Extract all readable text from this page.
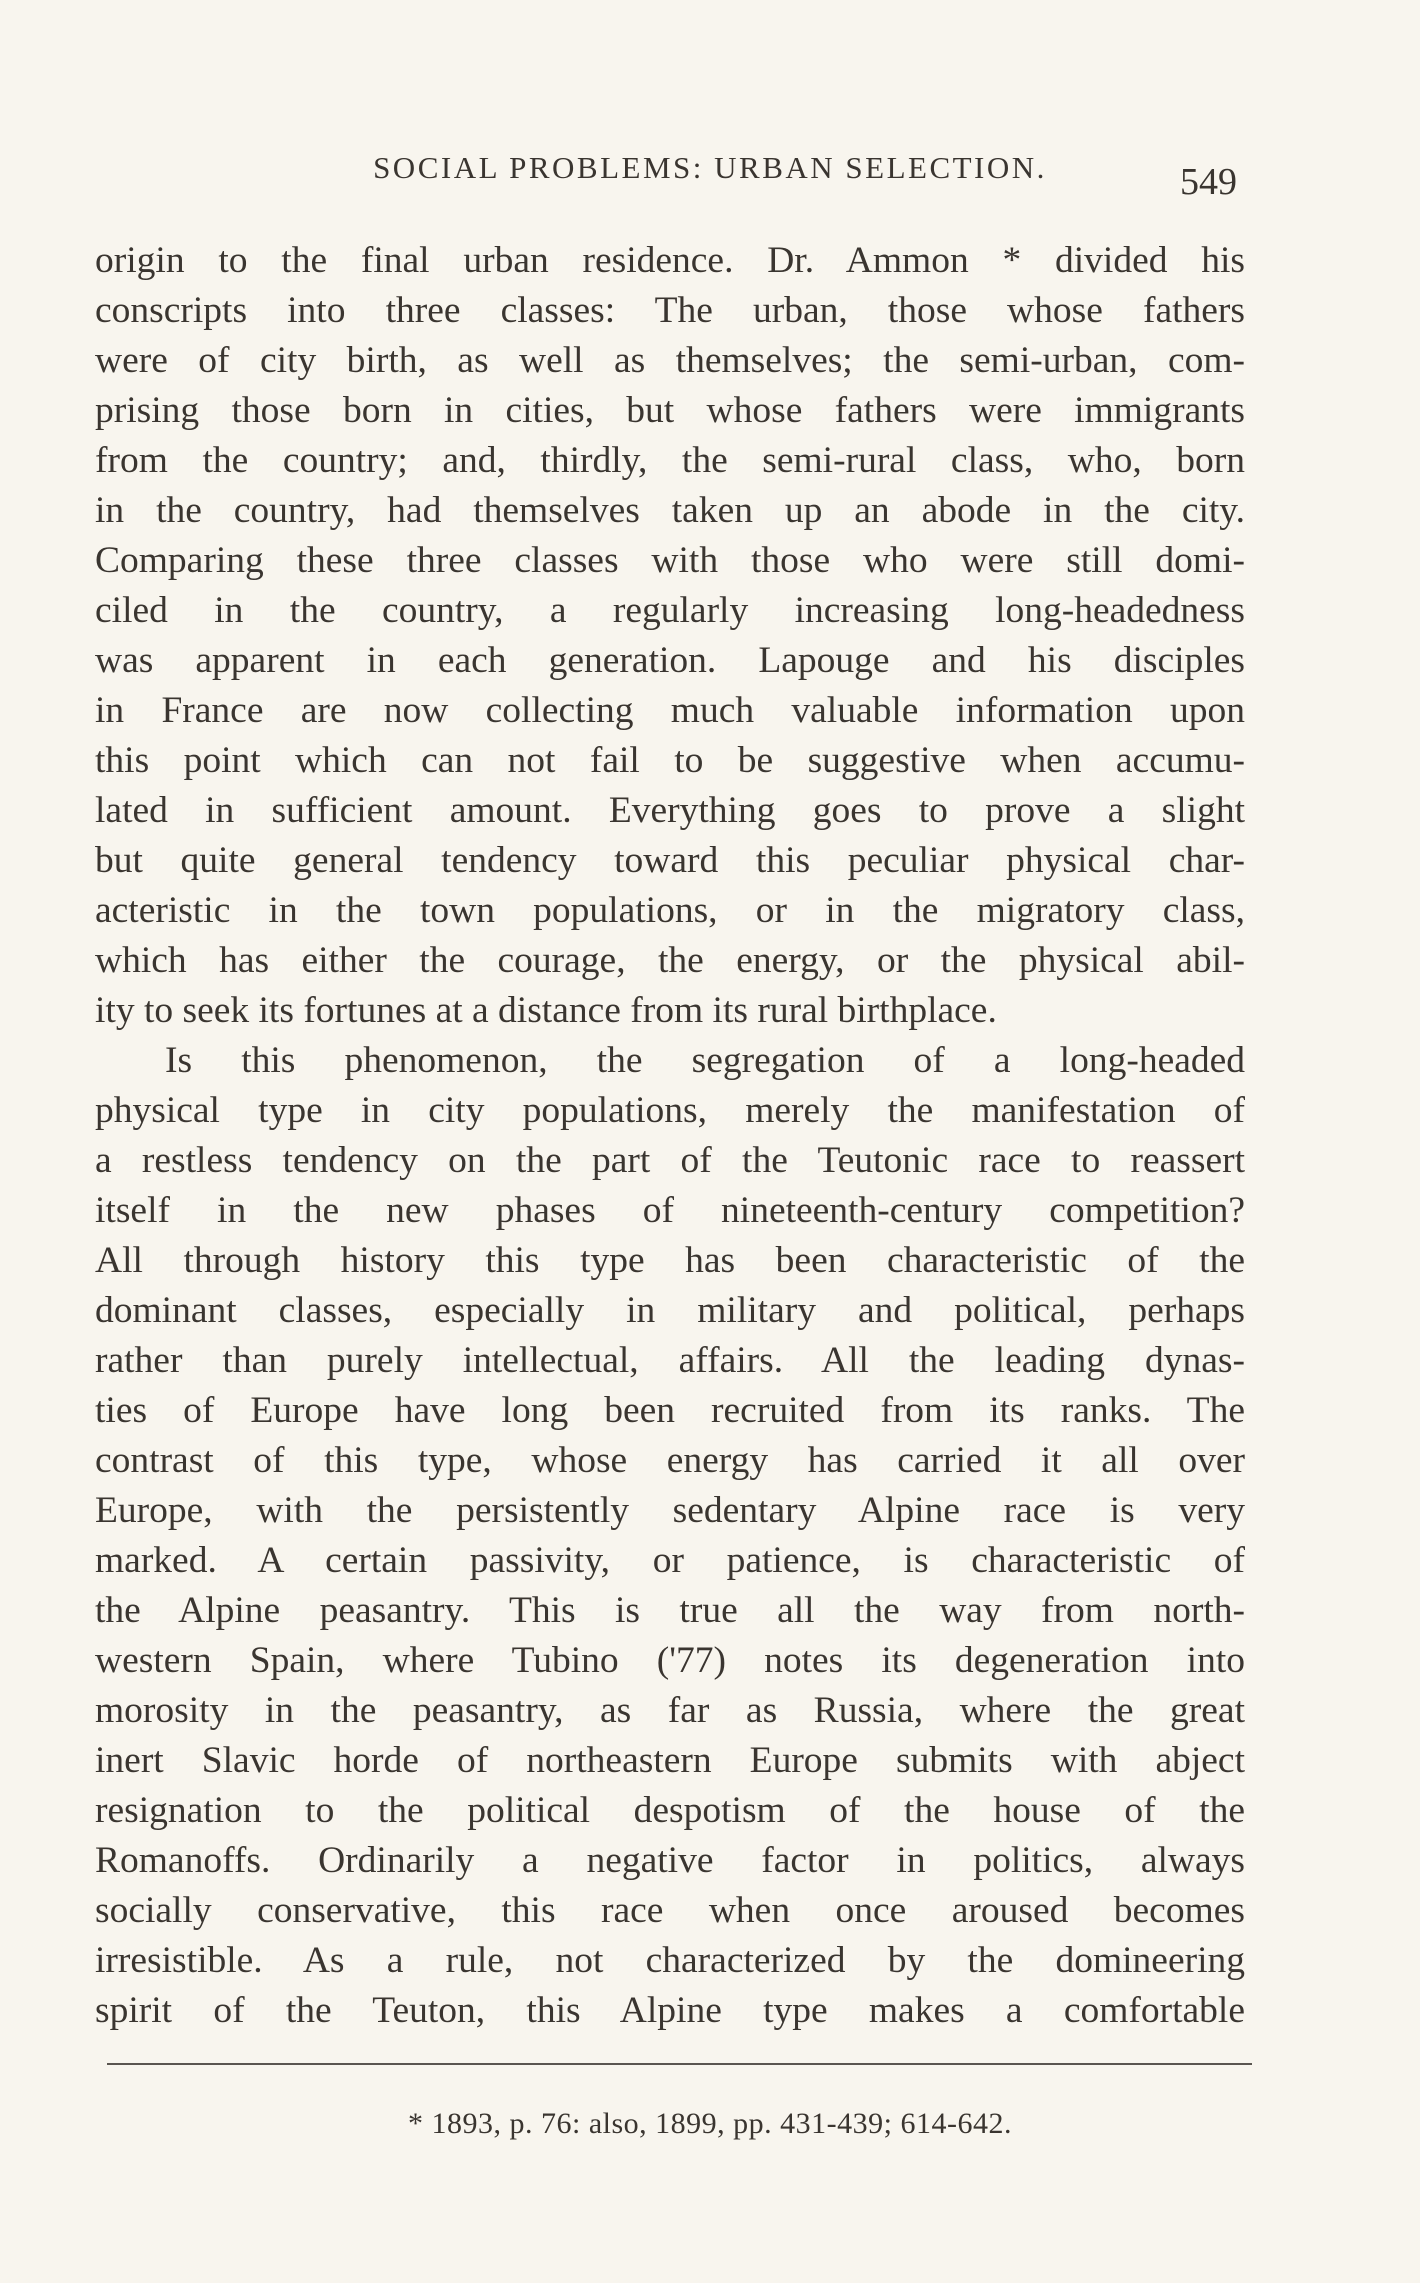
SOCIAL PROBLEMS: URBAN SELECTION.	549
origin to the final urban residence. Dr. Ammon * divided his
conscripts into three classes: The urban, those whose fathers
were of city birth, as well as themselves; the semi-urban, com-
prising those born in cities, but whose fathers were immigrants
from the country; and, thirdly, the semi-rural class, who, born
in the country, had themselves taken up an abode in the city.
Comparing these three classes with those who were still domi-
ciled in the country, a regularly increasing long-headedness
was apparent in each generation. Lapouge and his disciples
in France are now collecting much valuable information upon
this point which can not fail to be suggestive when accumu-
lated in sufficient amount. Everything goes to prove a slight
but quite general tendency toward this peculiar physical char-
acteristic in the town populations, or in the migratory class,
which has either the courage, the energy, or the physical abil-
ity to seek its fortunes at a distance from its rural birthplace.
Is this phenomenon, the segregation of a long-headed
physical type in city populations, merely the manifestation of
a restless tendency on the part of the Teutonic race to reassert
itself in the new phases of nineteenth-century competition?
All through history this type has been characteristic of the
dominant classes, especially in military and political, perhaps
rather than purely intellectual, affairs. All the leading dynas-
ties of Europe have long been recruited from its ranks. The
contrast of this type, whose energy has carried it all over
Europe, with the persistently sedentary Alpine race is very
marked. A certain passivity, or patience, is characteristic of
the Alpine peasantry. This is true all the way from north-
western Spain, where Tubino ('77) notes its degeneration into
morosity in the peasantry, as far as Russia, where the great
inert Slavic horde of northeastern Europe submits with abject
resignation to the political despotism of the house of the
Romanoffs. Ordinarily a negative factor in politics, always
socially conservative, this race when once aroused becomes
irresistible. As a rule, not characterized by the domineering
spirit of the Teuton, this Alpine type makes a comfortable
* 1893, p. 76: also, 1899, pp. 431-439; 614-642.
